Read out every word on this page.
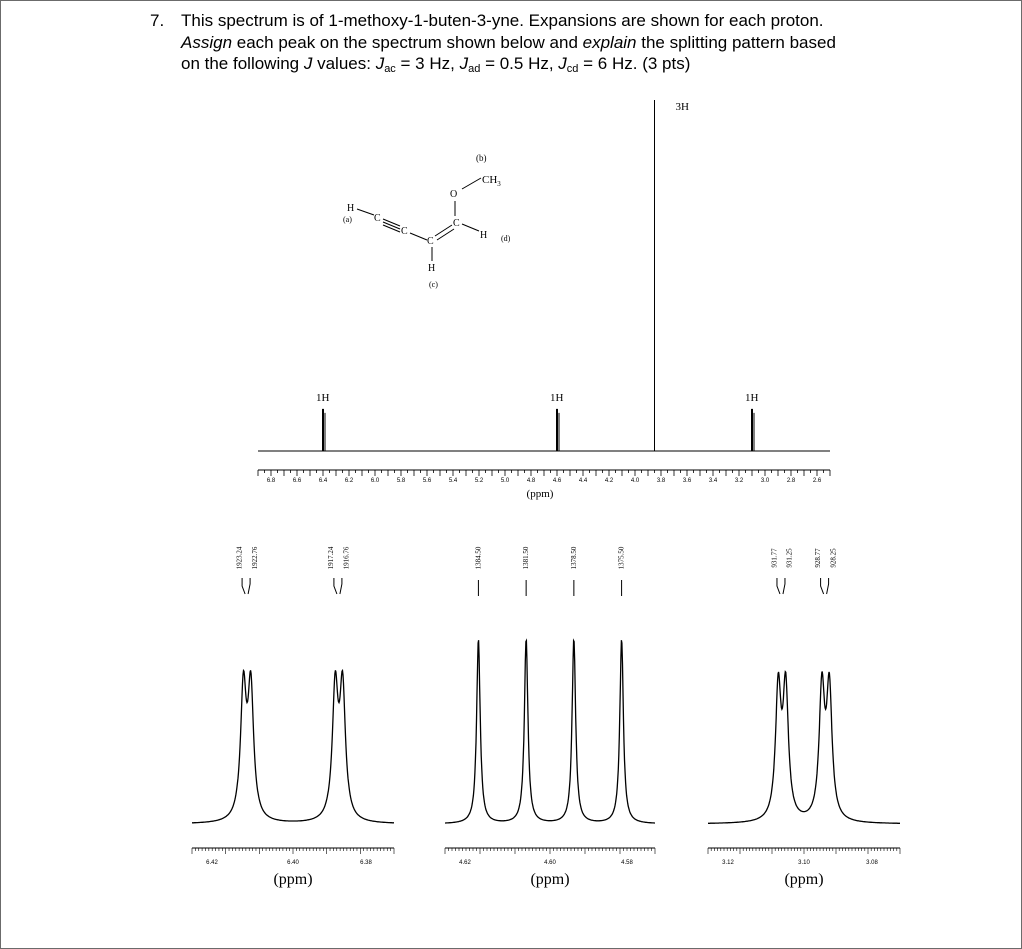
7. This spectrum is of 1-methoxy-1-buten-3-yne. Expansions are shown for each proton.
Assign each peak on the spectrum shown below and explain the splitting pattern based
on the following J values: $J_{ac} = 3$ Hz, $J_{ad} = 0.5$ Hz, $J_{cd} = 6$ Hz. (3 pts)
(b)
$CH_3$
O
H
(a) C
C
C
C
H (d)
H
(c)
1H	1H
3H
1H
6.8	6.6	6.4	6.2	6.0	5.8	5.6	5.4	5.2	5.0	4.8	4.6	4.4	4.2	4.0	3.8	3.6	3.4	3.2	3.0	2.8	2.6
(ppm)
6.42	6.40	6.38
(ppm)
1923.24 1922.76	1917.24 1916.76
4.62	4.60	4.58
(ppm)
1384.50	1381.50	1378.50	1375.50
3.12	3.10	3.08
(ppm)
931.77 931.25	928.77 928.25
